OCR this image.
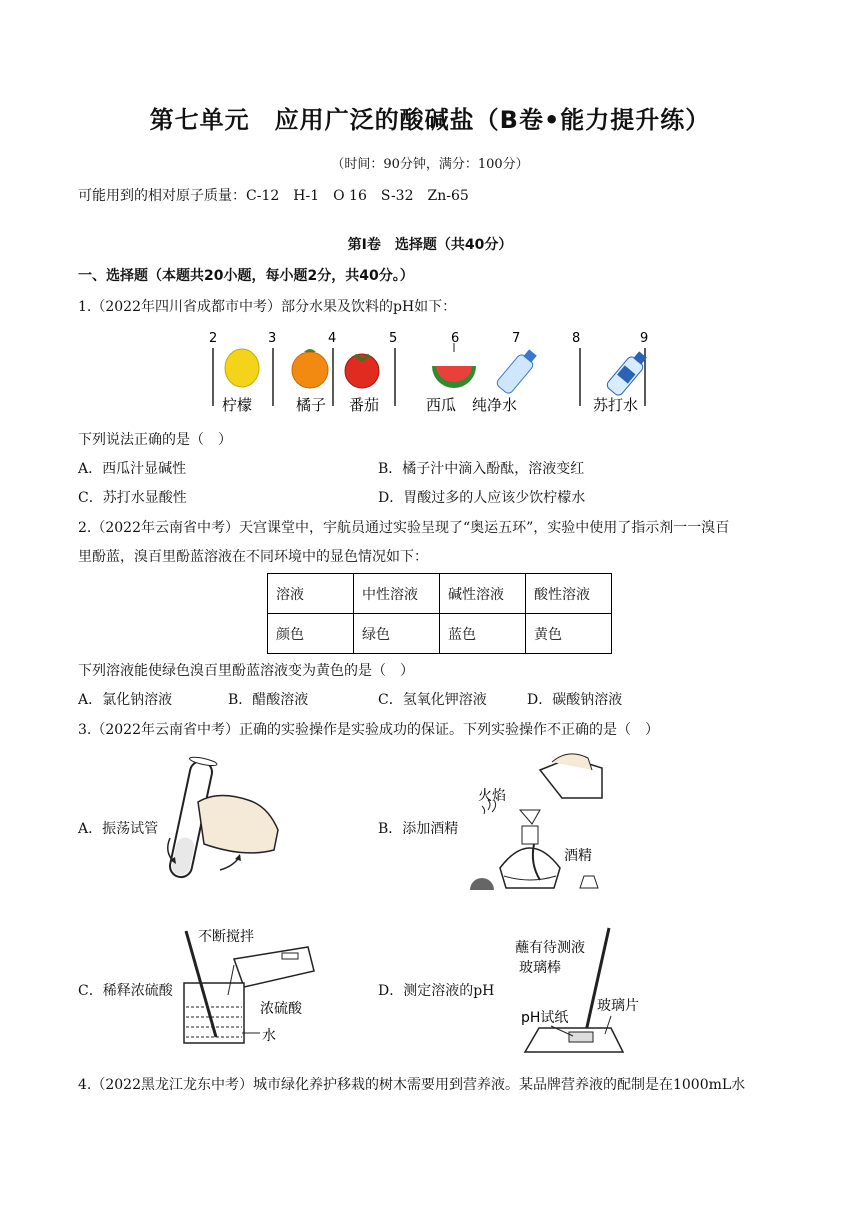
第七单元　应用广泛的酸碱盐（B卷•能力提升练）
（时间：90分钟，满分：100分）
可能用到的相对原子质量：C-12　H-1　O 16　S-32　Zn-65
第Ⅰ卷　选择题（共40分）
一、选择题（本题共20小题，每小题2分，共40分。）
1.（2022年四川省成都市中考）部分水果及饮料的pH如下：
2	3	4	5	6	7	8	9
柠檬	橘子 番茄	西瓜 纯净水	苏打水
下列说法正确的是（　）
A．西瓜汁显碱性	B．橘子汁中滴入酚酞，溶液变红
C．苏打水显酸性	D．胃酸过多的人应该少饮柠檬水
2.（2022年云南省中考）天宫课堂中，宇航员通过实验呈现了“奥运五环”，实验中使用了指示剂一一溴百
里酚蓝，溴百里酚蓝溶液在不同环境中的显色情况如下：
溶液	中性溶液	碱性溶液	酸性溶液
颜色	绿色	蓝色	黄色
下列溶液能使绿色溴百里酚蓝溶液变为黄色的是（　）
A．氯化钠溶液	B．醋酸溶液	C．氢氧化钾溶液	D．碳酸钠溶液
3.（2022年云南省中考）正确的实验操作是实验成功的保证。下列实验操作不正确的是（　）
A．振荡试管	B．添加酒精
火焰
酒精
C．稀释浓硫酸
不断搅拌
浓硫酸
水
D．测定溶液的pH
蘸有待测液
玻璃棒
pH试纸
玻璃片
4.（2022黑龙江龙东中考）城市绿化养护移栽的树木需要用到营养液。某品牌营养液的配制是在1000mL水
